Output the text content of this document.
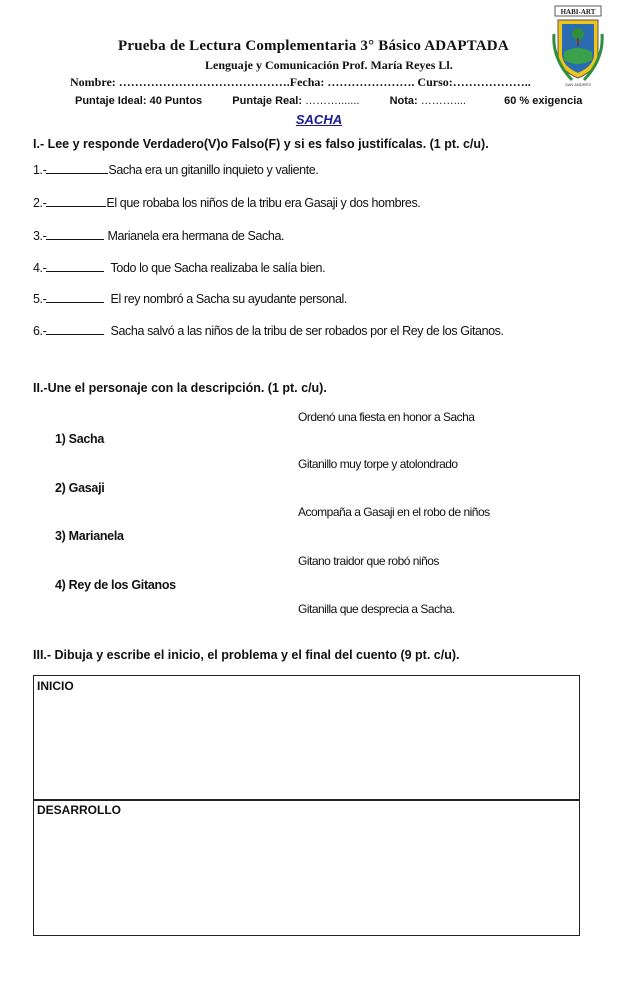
Prueba de Lectura Complementaria 3° Básico ADAPTADA
Lenguaje y Comunicación Prof. María Reyes Ll.
Nombre: …………………………………….Fecha: …………………. Curso:………………..
Puntaje Ideal: 40 Puntos	Puntaje Real: ……….......	Nota: ………....	60 % exigencia
HABI-ART
SAN ANDRÉS
SACHA
I.- Lee y responde Verdadero(V)o Falso(F) y si es falso justifícalas. (1 pt. c/u).
1.-	Sacha era un gitanillo inquieto y valiente.
2.-	El que robaba los niños de la tribu era Gasaji y dos hombres.
3.-	Marianela era hermana de Sacha.
4.-	Todo lo que Sacha realizaba le salía bien.
5.-	El rey nombró a Sacha su ayudante personal.
6.-	Sacha salvó a las niños de la tribu de ser robados por el Rey de los Gitanos.
II.-Une el personaje con la descripción. (1 pt. c/u).
Ordenó una fiesta en honor a Sacha
1) Sacha
Gitanillo muy torpe y atolondrado
2) Gasaji
Acompaña a Gasaji en el robo de niños
3) Marianela
Gitano traidor que robó niños
4) Rey de los Gitanos
Gitanilla que desprecia a Sacha.
III.- Dibuja y escribe el inicio, el problema y el final del cuento (9 pt. c/u).
INICIO
DESARROLLO
